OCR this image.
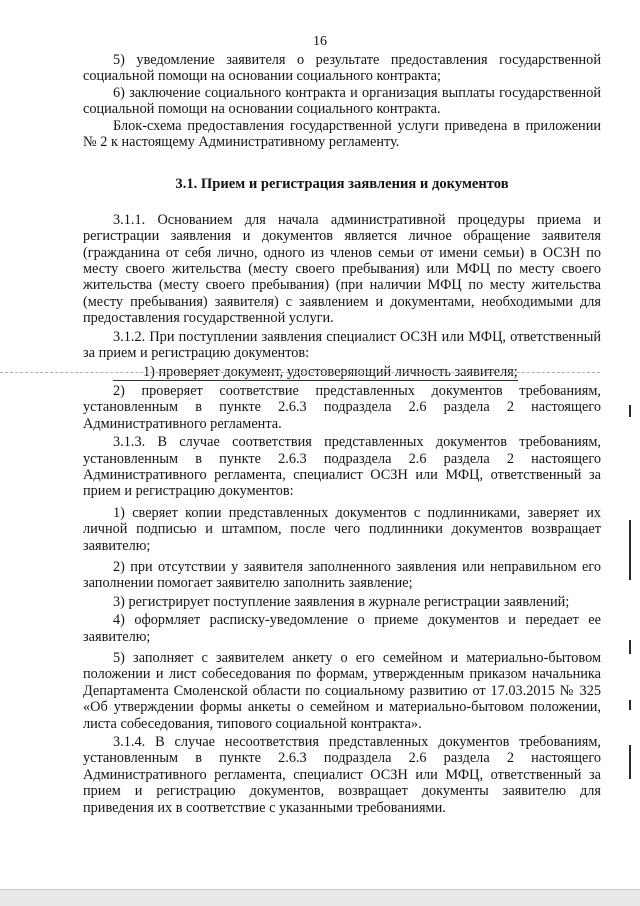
16

5) уведомление заявителя о результате предоставления государственной социальной помощи на основании социального контракта;

6) заключение социального контракта и организация выплаты государственной социальной помощи на основании социального контракта.

Блок-схема предоставления государственной услуги приведена в приложении № 2 к настоящему Административному регламенту.

3.1. Прием и регистрация заявления и документов

3.1.1. Основанием для начала административной процедуры приема и регистрации заявления и документов является личное обращение заявителя (гражданина от себя лично, одного из членов семьи от имени семьи) в ОСЗН по месту своего жительства (месту своего пребывания) или МФЦ по месту своего жительства (месту своего пребывания) (при наличии МФЦ по месту жительства (месту пребывания) заявителя) с заявлением и документами, необходимыми для предоставления государственной услуги.

3.1.2. При поступлении заявления специалист ОСЗН или МФЦ, ответственный за прием и регистрацию документов:

1) проверяет документ, удостоверяющий личность заявителя;

2) проверяет соответствие представленных документов требованиям, установленным в пункте 2.6.3 подраздела 2.6 раздела 2 настоящего Административного регламента.

3.1.3. В случае соответствия представленных документов требованиям, установленным в пункте 2.6.3 подраздела 2.6 раздела 2 настоящего Административного регламента, специалист ОСЗН или МФЦ, ответственный за прием и регистрацию документов:

1) сверяет копии представленных документов с подлинниками, заверяет их личной подписью и штампом, после чего подлинники документов возвращает заявителю;

2) при отсутствии у заявителя заполненного заявления или неправильном его заполнении помогает заявителю заполнить заявление;

3) регистрирует поступление заявления в журнале регистрации заявлений;

4) оформляет расписку-уведомление о приеме документов и передает ее заявителю;

5) заполняет с заявителем анкету о его семейном и материально-бытовом положении и лист собеседования по формам, утвержденным приказом начальника Департамента Смоленской области по социальному развитию от 17.03.2015 № 325 «Об утверждении формы анкеты о семейном и материально-бытовом положении, листа собеседования, типового социальной контракта».

3.1.4. В случае несоответствия представленных документов требованиям, установленным в пункте 2.6.3 подраздела 2.6 раздела 2 настоящего Административного регламента, специалист ОСЗН или МФЦ, ответственный за прием и регистрацию документов, возвращает документы заявителю для приведения их в соответствие с указанными требованиями.
